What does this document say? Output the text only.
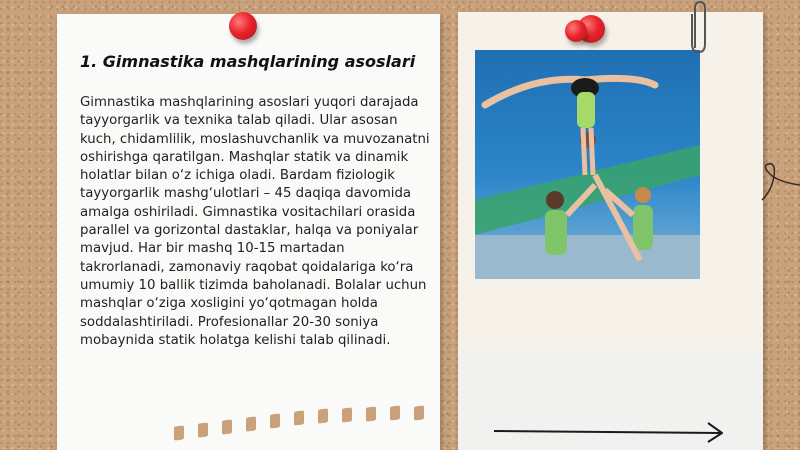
1. Gimnastika mashqlarining asoslari
Gimnastika mashqlarining asoslari yuqori darajada tayyorgarlik va texnika talab qiladi. Ular asosan kuch, chidamlilik, moslashuvchanlik va muvozanatni oshirishga qaratilgan. Mashqlar statik va dinamik holatlar bilan o‘z ichiga oladi. Bardam fiziologik tayyorgarlik mashg‘ulotlari – 45 daqiqa davomida amalga oshiriladi. Gimnastika vositachilari orasida parallel va gorizontal dastaklar, halqa va poniyalar mavjud. Har bir mashq 10-15 martadan takrorlanadi, zamonaviy raqobat qoidalariga ko‘ra umumiy 10 ballik tizimda baholanadi. Bolalar uchun mashqlar o‘ziga xosligini yo‘qotmagan holda soddalashtiriladi. Profesionallar 20-30 soniya mobaynida statik holatga kelishi talab qilinadi.
